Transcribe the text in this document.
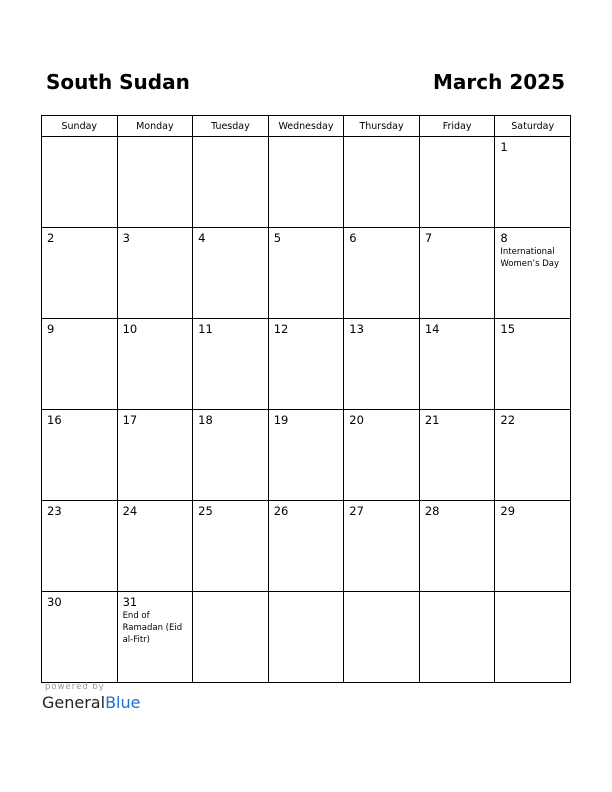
South Sudan	March 2025
Sunday	Monday	Tuesday	Wednesday	Thursday	Friday	Saturday

						1

2	3	4	5	6	7	8
International Women’s Day

9	10	11	12	13	14	15

16	17	18	19	20	21	22

23	24	25	26	27	28	29

30	31
End of Ramadan (Eid al-Fitr)					

powered by
GeneralBlue
